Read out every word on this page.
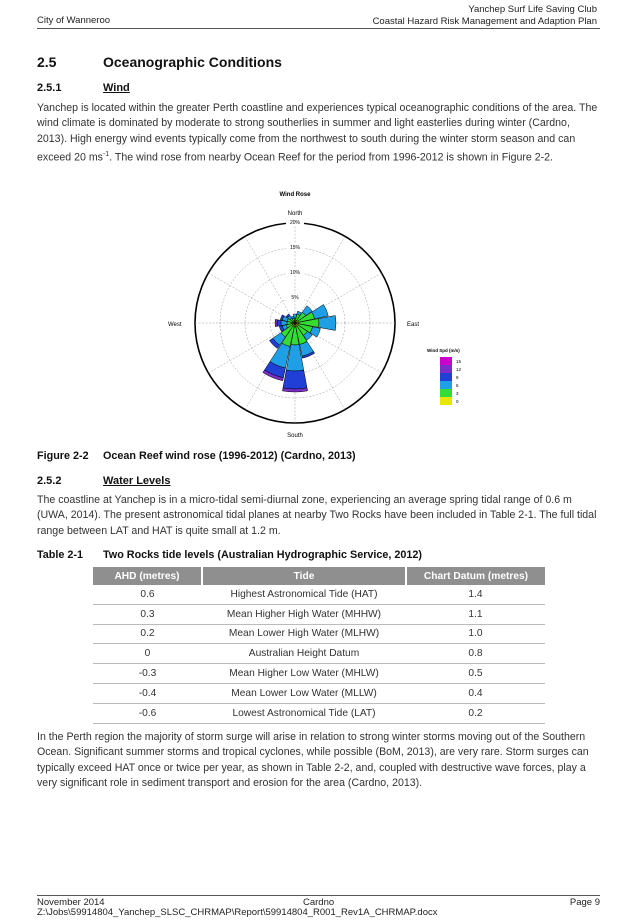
City of Wanneroo
Yanchep Surf Life Saving Club
Coastal Hazard Risk Management and Adaption Plan
2.5	Oceanographic Conditions
2.5.1	Wind
Yanchep is located within the greater Perth coastline and experiences typical oceanographic conditions of the area. The wind climate is dominated by moderate to strong southerlies in summer and light easterlies during winter (Cardno, 2013). High energy wind events typically come from the northwest to south during the winter storm season and can exceed 20 $ms^{-1}$. The wind rose from nearby Ocean Reef for the period from 1996-2012 is shown in Figure 2-2.
Wind Rose
North
South
East
West
5%
10%
15%
20%
Wind Spd (m/s)
15
12
9
6
3
0
Figure 2-2 Ocean Reef wind rose (1996-2012) (Cardno, 2013)
2.5.2	Water Levels
The coastline at Yanchep is in a micro-tidal semi-diurnal zone, experiencing an average spring tidal range of 0.6 m (UWA, 2014). The present astronomical tidal planes at nearby Two Rocks have been included in Table 2-1. The full tidal range between LAT and HAT is quite small at 1.2 m.
Table 2-1 Two Rocks tide levels (Australian Hydrographic Service, 2012)
AHD (metres)	Tide	Chart Datum (metres)
0.6	Highest Astronomical Tide (HAT)	1.4
0.3	Mean Higher High Water (MHHW)	1.1
0.2	Mean Lower High Water (MLHW)	1.0
0	Australian Height Datum	0.8
-0.3	Mean Higher Low Water (MHLW)	0.5
-0.4	Mean Lower Low Water (MLLW)	0.4
-0.6	Lowest Astronomical Tide (LAT)	0.2
In the Perth region the majority of storm surge will arise in relation to strong winter storms moving out of the Southern Ocean. Significant summer storms and tropical cyclones, while possible (BoM, 2013), are very rare. Storm surges can typically exceed HAT once or twice per year, as shown in Table 2-2, and, coupled with destructive wave forces, play a very significant role in sediment transport and erosion for the area (Cardno, 2013).
November 2014	Cardno	Page 9
Z:\Jobs\59914804_Yanchep_SLSC_CHRMAP\Report\59914804_R001_Rev1A_CHRMAP.docx
